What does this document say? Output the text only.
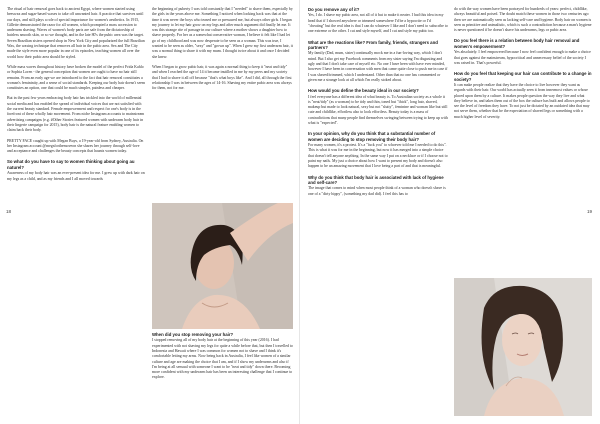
The ritual of hair removal goes back to ancient Egypt, where women started using beeswax and sugar-based waxes to take off unwanted hair. A practice that survives until our days, and still plays a role of special importance for women's aesthetics. In 1915, Gillette demonstrated the razor for all women, which prompted a mass accession to underarm shaving. Waves of women's body parts are safe from the dictatorship of hairless smooth skin, or so we thought, and in the late 80's the pubic area was the target. Seven Brazilian sisters opened shop in New York City and popularized the full Brazilian Wax, the waxing technique that removes all hair in the pubic area. Sex and The City made the style even more popular in one of its episodes, teaching women all over the world how their pubic area should be styled.

While mass waves throughout history have broken the model of the perfect Frida Kahlo or Sophia Loren - the general conception that women are ought to have no hair still remains. From an early age we are introduced to the fact that hair removal constitutes a woman's femininity, and a sense of social standards. Keeping our body hair doesn't seem constitutes an option, one that could be much simpler, painless and cheaper.

But in the past few years embracing body hair has trickled into the world of millennial social media and has enabled the spread of individual voices that are not satisfied with the current beauty standard. Female empowerment and respect for one's body is in the forefront of these wholly hair movement. From niche Instagram accounts to mainstream advertising campaigns (e.g. #Other Stories featured women with underarm body hair in their lingerie campaign for 2015), body hair is the natural feature enabling women to claim back their body.

PRETTY FACE caught up with Megan Buys, a 19-year-old from Sydney, Australia. On her Instagram account @megsforthemoveon she shares her journey through self-love and acceptance and challenges the beauty concepts that haunts women today.

So what do you have to say to women thinking about going au naturel?

Awareness of my body hair was an ever-present idea for me. I grew up with dark hair on my legs as a child, and as my friends and I all moved towards

the beginning of puberty I was told constantly that I "needed" to shave them, especially by the girls in the years above me. Something I noticed when looking back was that at the time it was never the boys who teased me or pressured me, but always other girls. I began my journey to let my hair grow on my legs and after much argument did finally let me. It was this strange rite of passage in our culture where a mother shows a daughter how to shave properly. For her as a somewhat conservative woman, I believe it felt like I had let go of my childhood and was now desperate to be seen as a woman. This was true, I wanted to be seen as older, "sexy" and "grown up". When I grew my first underarm hair, it was a normal thing to share it with my mum. I thought twice about it and once I decided she knew.

When I began to grow pubic hair, it was again a normal thing to keep it "neat and tidy" and when I reached the age of 14 it became instilled in me by my peers and my society that I had to shave it all off because "that's what boys like". And I did, all through the first relationship I was in between the ages of 14-16. Shaving my entire pubic area was always for them, not for me.

When did you stop removing your hair?

I stopped removing all of my body hair at the beginning of this year (2016). I had experimented with not shaving my legs for quite a while before that, but then I travelled to Indonesia and Hawaii where I was common for women not to shave and I think it's comfortable letting my arms. Now being back in Australia, I feel like women of a similar culture and age are making the choice that I am, and if I show my underarms and also if I'm being at all sensual with someone I want to be "neat and tidy" down there. Becoming more confident with my underarm hair has been an interesting challenge that I continue to explore.

18
Do you remove any of it?

Yes, I do. I shave my pubic area, not all of it but to make it neater. I had this idea in my head that if I showed anywhere or trimmed somewhere I'd be a hypocrite or I'd "cheating" but the real idea is that I can do whatever I like and I don't need to subscribe to one extreme or the other. I cut and style myself, and I cut and style my pubic too.

What are the reactions like? From family, friends, strangers and partners?

My family (Dad, mum, sister) continually mock me in a fun-loving way, which I don't mind. But I also get my Facebook comments from my sister saying I'm disgusting and ugly and that I don't take care of myself etc. No one I have been with have ever minded, however I have been in conversation with men that came quite close to push me in case if I was shaved/trimmed, which I understand. Other than that no one has commented or given me a strange look at all which I'm really stoked about.

How would you define the beauty ideal in our society?

I feel everyone has a different idea of what beauty is. To Australian society as a whole it is "neat/tidy" (as a woman) to be tidy and thin, toned but "thick", long hair, shaved, makeup but made to look natural, sexy but not "slutty", feminine and woman like but still cute and childlike, effortless also to look effortless. Beauty today is a mass of contradictions that many people find themselves swinging between trying to keep up with what is "expected".

In your opinion, why do you think that a substantial number of women are deciding to stop removing their body hair?

For many women, it's a protest. It's a "fuck you" to whoever told me I needed to do this". This is what it was for me in the beginning, but now it has merged into a simple choice that doesn't tell anyone anything. In the same way I put on a necklace or if I choose not to paint my nails. My just a choice about how I want to present my body and doesn't also happen to be an amazing movement that I love being a part of and that is meaningful.

Why do you think that body hair is associated with lack of hygiene and self-care?

The image that comes to mind when most people think of a woman who doesn't shave is one of a "dirty hippy", (something my dad did). I feel this has to

do with the way women have been portrayed for hundreds of years: perfect, childlike, always beautiful and poised. The doubt match these women in those two centuries ago then we are automatically seen as lacking self-care and hygiene. Body hair on women is seen as primitive and animalistic, which is such a contradiction because a man's hygiene is never questioned if he doesn't shave his underarms, legs or pubic area.

Do you feel there is a relation between body hair removal and women's empowerment?

Yes absolutely. I feel empowered because I now feel confident enough to make a choice that goes against the mainstream, hypocritical and unnecessary belief of the society I was raised in. That's powerful.

How do you feel that keeping our hair can contribute to a change in society?

It can make people realize that they have the choice to live however they want as regards with their hair. Our world has actually seen it from innermost values or whose placed upon them by a culture. It makes people question the way they live and what they believe in, and takes them out of the box the culture has built and allows people to see the level of freedom they have. To not just be dictated by an outdated idea that may not serve them, whether that be the expectation of shaved legs or something with a much higher level of severity.

19
